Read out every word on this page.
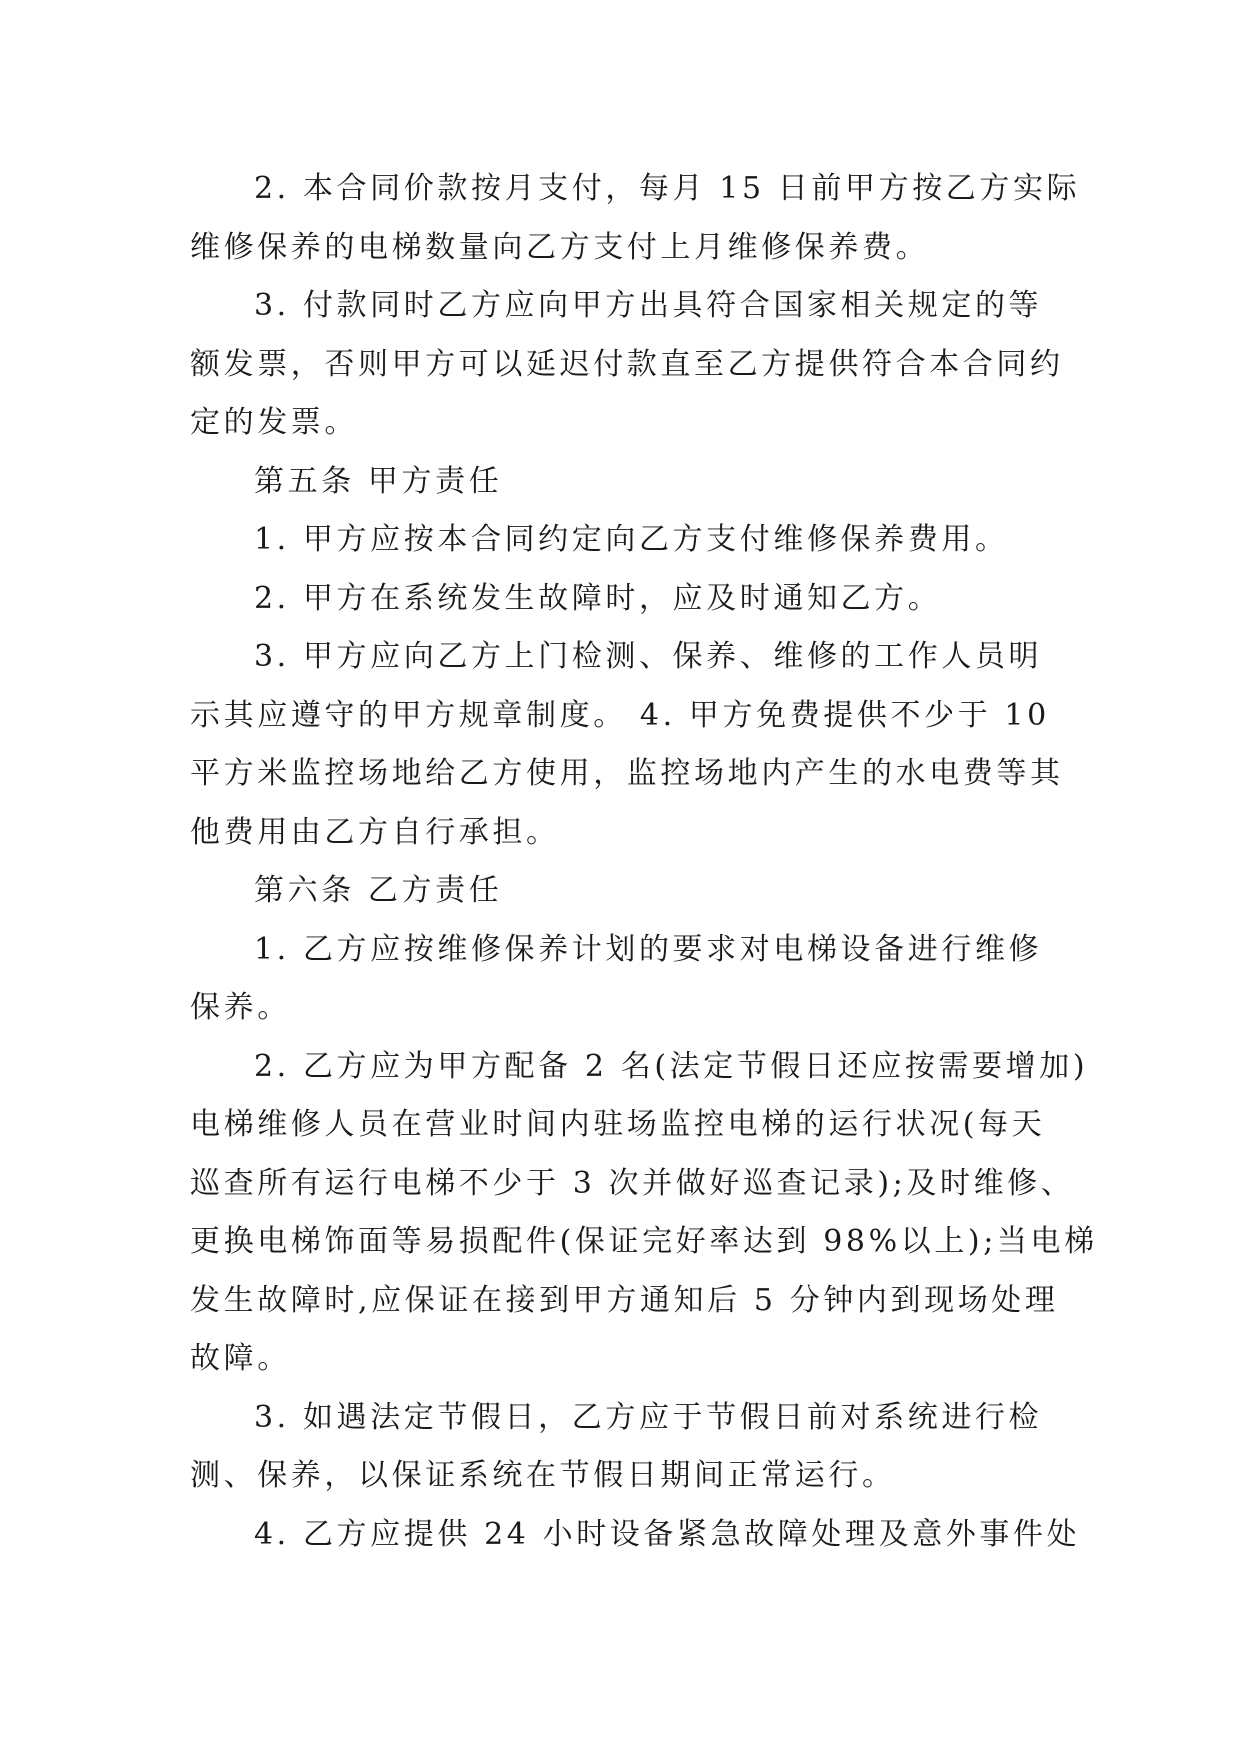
2. 本合同价款按月支付，每月 15 日前甲方按乙方实际

维修保养的电梯数量向乙方支付上月维修保养费。

3. 付款同时乙方应向甲方出具符合国家相关规定的等

额发票，否则甲方可以延迟付款直至乙方提供符合本合同约

定的发票。

第五条 甲方责任

1. 甲方应按本合同约定向乙方支付维修保养费用。

2. 甲方在系统发生故障时，应及时通知乙方。

3. 甲方应向乙方上门检测、保养、维修的工作人员明

示其应遵守的甲方规章制度。 4. 甲方免费提供不少于 10

平方米监控场地给乙方使用，监控场地内产生的水电费等其

他费用由乙方自行承担。

第六条 乙方责任

1. 乙方应按维修保养计划的要求对电梯设备进行维修

保养。

2. 乙方应为甲方配备 2 名(法定节假日还应按需要增加)

电梯维修人员在营业时间内驻场监控电梯的运行状况(每天

巡查所有运行电梯不少于 3 次并做好巡查记录);及时维修、

更换电梯饰面等易损配件(保证完好率达到 98%以上);当电梯

发生故障时,应保证在接到甲方通知后 5 分钟内到现场处理

故障。

3. 如遇法定节假日，乙方应于节假日前对系统进行检

测、保养，以保证系统在节假日期间正常运行。

4. 乙方应提供 24 小时设备紧急故障处理及意外事件处
